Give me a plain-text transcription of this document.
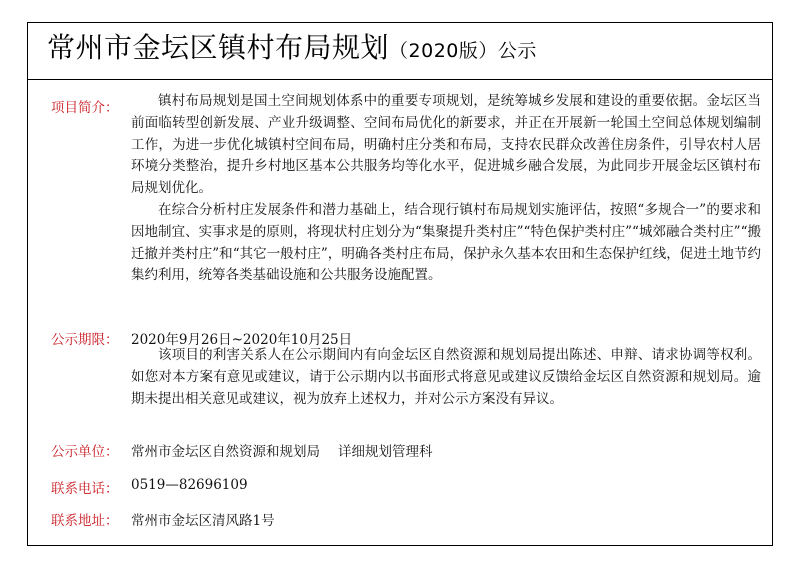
常州市金坛区镇村布局规划（2020版）公示
项目简介：	镇村布局规划是国土空间规划体系中的重要专项规划，是统筹城乡发展和建设的重要依据。金坛区当前面临转型创新发展、产业升级调整、空间布局优化的新要求，并正在开展新一轮国土空间总体规划编制工作，为进一步优化城镇村空间布局，明确村庄分类和布局，支持农民群众改善住房条件，引导农村人居环境分类整治，提升乡村地区基本公共服务均等化水平，促进城乡融合发展，为此同步开展金坛区镇村布局规划优化。

在综合分析村庄发展条件和潜力基础上，结合现行镇村布局规划实施评估，按照“多规合一”的要求和因地制宜、实事求是的原则，将现状村庄划分为“集聚提升类村庄”“特色保护类村庄”“城郊融合类村庄”“搬迁撤并类村庄”和“其它一般村庄”，明确各类村庄布局，保护永久基本农田和生态保护红线，促进土地节约集约利用，统筹各类基础设施和公共服务设施配置。

公示期限： 2020年9月26日~2020年10月25日

该项目的利害关系人在公示期间内有向金坛区自然资源和规划局提出陈述、申辩、请求协调等权利。如您对本方案有意见或建议，请于公示期内以书面形式将意见或建议反馈给金坛区自然资源和规划局。逾期未提出相关意见或建议，视为放弃上述权力，并对公示方案没有异议。

公示单位： 常州市金坛区自然资源和规划局 详细规划管理科
联系电话： 0519—82696109
联系地址： 常州市金坛区清风路1号
